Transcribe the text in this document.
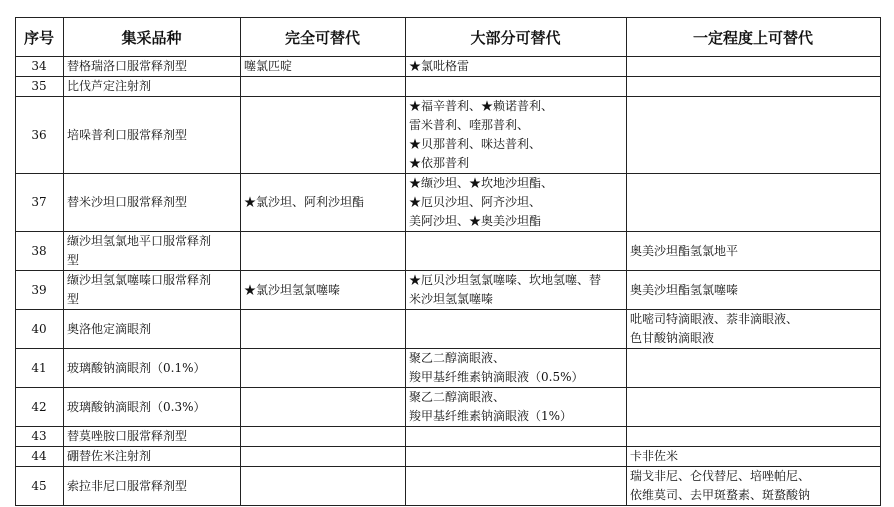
序号	集采品种	完全可替代	大部分可替代	一定程度上可替代
34	替格瑞洛口服常释剂型	噻氯匹啶	★氯吡格雷	

35	比伐芦定注射剂			

36	培哚普利口服常释剂型		★福辛普利、★赖诺普利、
雷米普利、喹那普利、
★贝那普利、咪达普利、
★依那普利	

37	替米沙坦口服常释剂型	★氯沙坦、阿利沙坦酯	★缬沙坦、★坎地沙坦酯、
★厄贝沙坦、阿齐沙坦、
美阿沙坦、★奥美沙坦酯	

38	缬沙坦氢氯地平口服常释剂
型			奥美沙坦酯氢氯地平

39	缬沙坦氢氯噻嗪口服常释剂
型	★氯沙坦氢氯噻嗪	★厄贝沙坦氢氯噻嗪、坎地氢噻、替
米沙坦氢氯噻嗪	奥美沙坦酯氢氯噻嗪

40	奥洛他定滴眼剂			吡嘧司特滴眼液、萘非滴眼液、
色甘酸钠滴眼液

41	玻璃酸钠滴眼剂（0.1%）		聚乙二醇滴眼液、
羧甲基纤维素钠滴眼液（0.5%）	

42	玻璃酸钠滴眼剂（0.3%）		聚乙二醇滴眼液、
羧甲基纤维素钠滴眼液（1%）	

43	替莫唑胺口服常释剂型			

44	硼替佐米注射剂			卡非佐米

45	索拉非尼口服常释剂型			瑞戈非尼、仑伐替尼、培唑帕尼、
依维莫司、去甲斑蝥素、斑蝥酸钠
